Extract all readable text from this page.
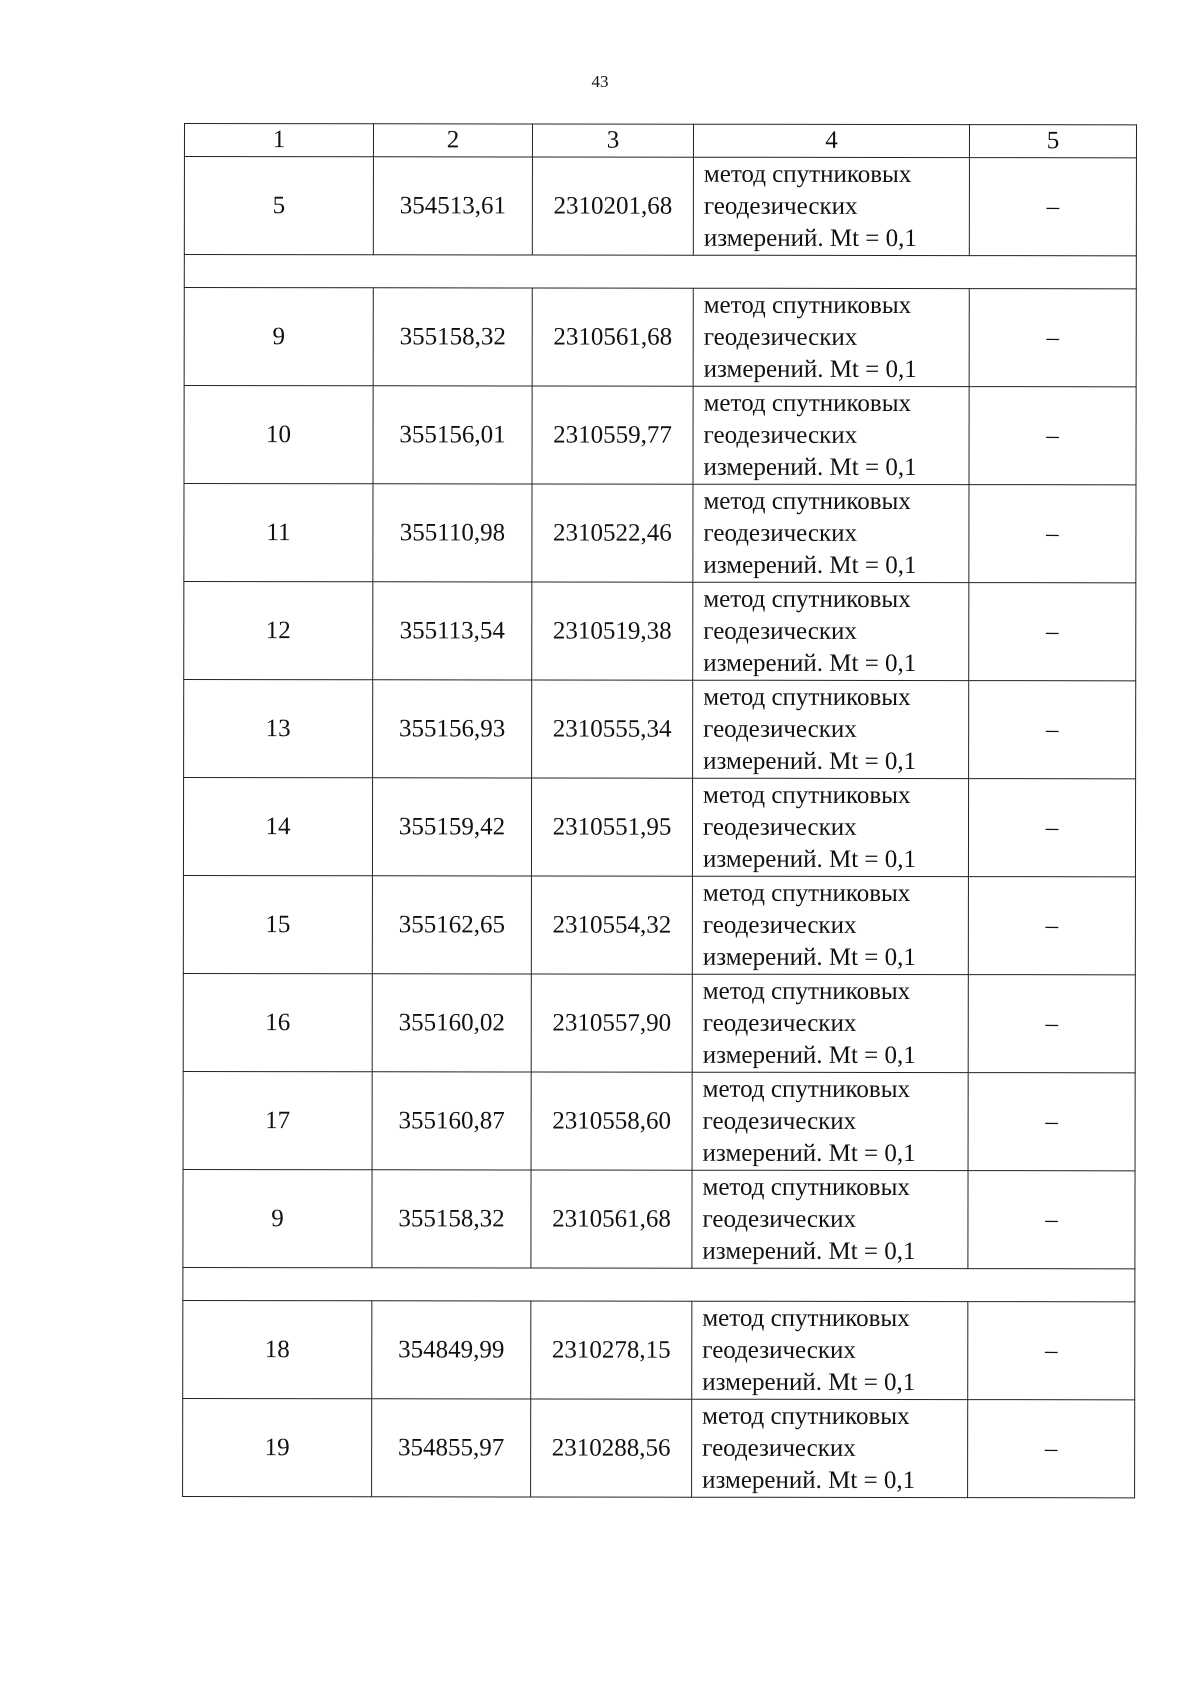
43
1	2	3	4	5
5	354513,61	2310201,68	метод спутниковых
геодезических
измерений. Mt = 0,1	–

9	355158,32	2310561,68	метод спутниковых
геодезических
измерений. Mt = 0,1	–
10	355156,01	2310559,77	метод спутниковых
геодезических
измерений. Mt = 0,1	–
11	355110,98	2310522,46	метод спутниковых
геодезических
измерений. Mt = 0,1	–
12	355113,54	2310519,38	метод спутниковых
геодезических
измерений. Mt = 0,1	–
13	355156,93	2310555,34	метод спутниковых
геодезических
измерений. Mt = 0,1	–
14	355159,42	2310551,95	метод спутниковых
геодезических
измерений. Mt = 0,1	–
15	355162,65	2310554,32	метод спутниковых
геодезических
измерений. Mt = 0,1	–
16	355160,02	2310557,90	метод спутниковых
геодезических
измерений. Mt = 0,1	–
17	355160,87	2310558,60	метод спутниковых
геодезических
измерений. Mt = 0,1	–
9	355158,32	2310561,68	метод спутниковых
геодезических
измерений. Mt = 0,1	–

18	354849,99	2310278,15	метод спутниковых
геодезических
измерений. Mt = 0,1	–
19	354855,97	2310288,56	метод спутниковых
геодезических
измерений. Mt = 0,1	–
